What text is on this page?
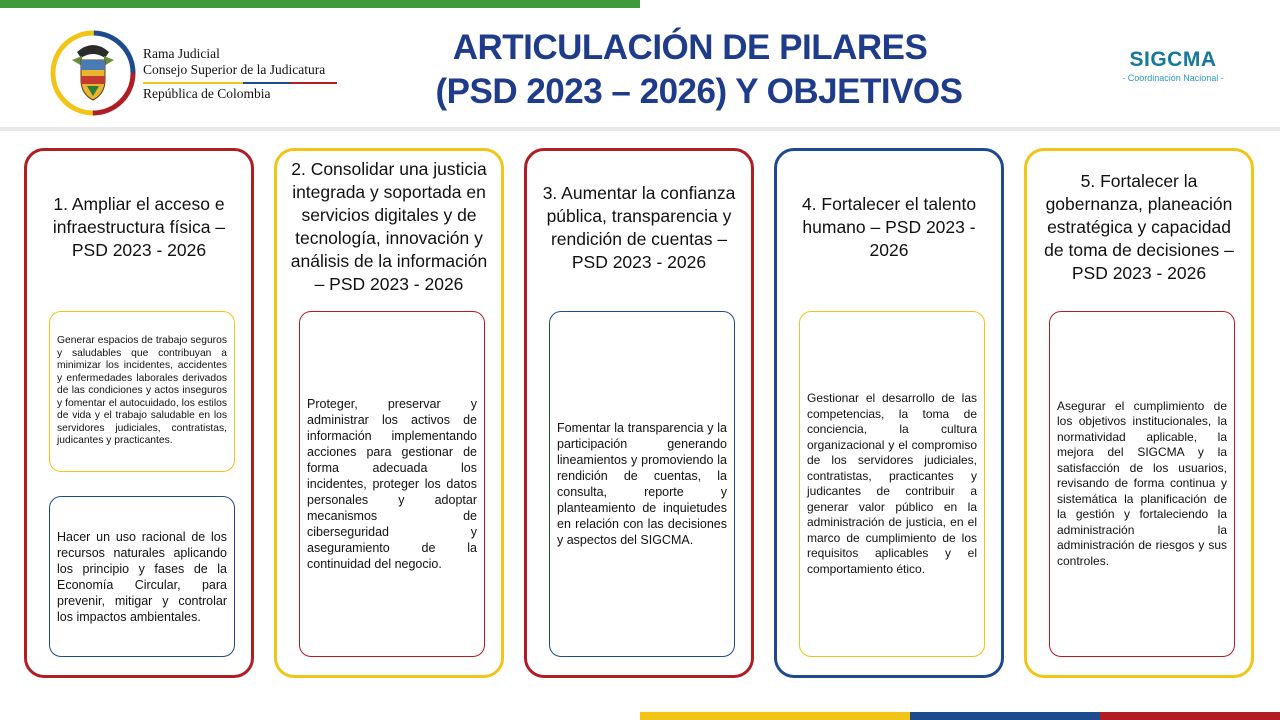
Rama Judicial
Consejo Superior de la Judicatura
República de Colombia
ARTICULACIÓN DE PILARES
(PSD 2023 – 2026) Y OBJETIVOS
SIGCMA
- Coordinación Nacional -
1. Ampliar el acceso e infraestructura física – PSD 2023 - 2026

Generar espacios de trabajo seguros y saludables que contribuyan a minimizar los incidentes, accidentes y enfermedades laborales derivados de las condiciones y actos inseguros y fomentar el autocuidado, los estilos de vida y el trabajo saludable en los servidores judiciales, contratistas, judicantes y practicantes.

Hacer un uso racional de los recursos naturales aplicando los principio y fases de la Economía Circular, para prevenir, mitigar y controlar los impactos ambientales.

2. Consolidar una justicia integrada y soportada en servicios digitales y de tecnología, innovación y análisis de la información – PSD 2023 - 2026

Proteger, preservar y administrar los activos de información implementando acciones para gestionar de forma adecuada los incidentes, proteger los datos personales y adoptar mecanismos de ciberseguridad y aseguramiento de la continuidad del negocio.

3. Aumentar la confianza pública, transparencia y rendición de cuentas – PSD 2023 - 2026

Fomentar la transparencia y la participación generando lineamientos y promoviendo la rendición de cuentas, la consulta, reporte y planteamiento de inquietudes en relación con las decisiones y aspectos del SIGCMA.

4. Fortalecer el talento humano – PSD 2023 - 2026

Gestionar el desarrollo de las competencias, la toma de conciencia, la cultura organizacional y el compromiso de los servidores judiciales, contratistas, practicantes y judicantes de contribuir a generar valor público en la administración de justicia, en el marco de cumplimiento de los requisitos aplicables y el comportamiento ético.

5. Fortalecer la gobernanza, planeación estratégica y capacidad de toma de decisiones – PSD 2023 - 2026

Asegurar el cumplimiento de los objetivos institucionales, la normatividad aplicable, la mejora del SIGCMA y la satisfacción de los usuarios, revisando de forma continua y sistemática la planificación de la gestión y fortaleciendo la administración la administración de riesgos y sus controles.
